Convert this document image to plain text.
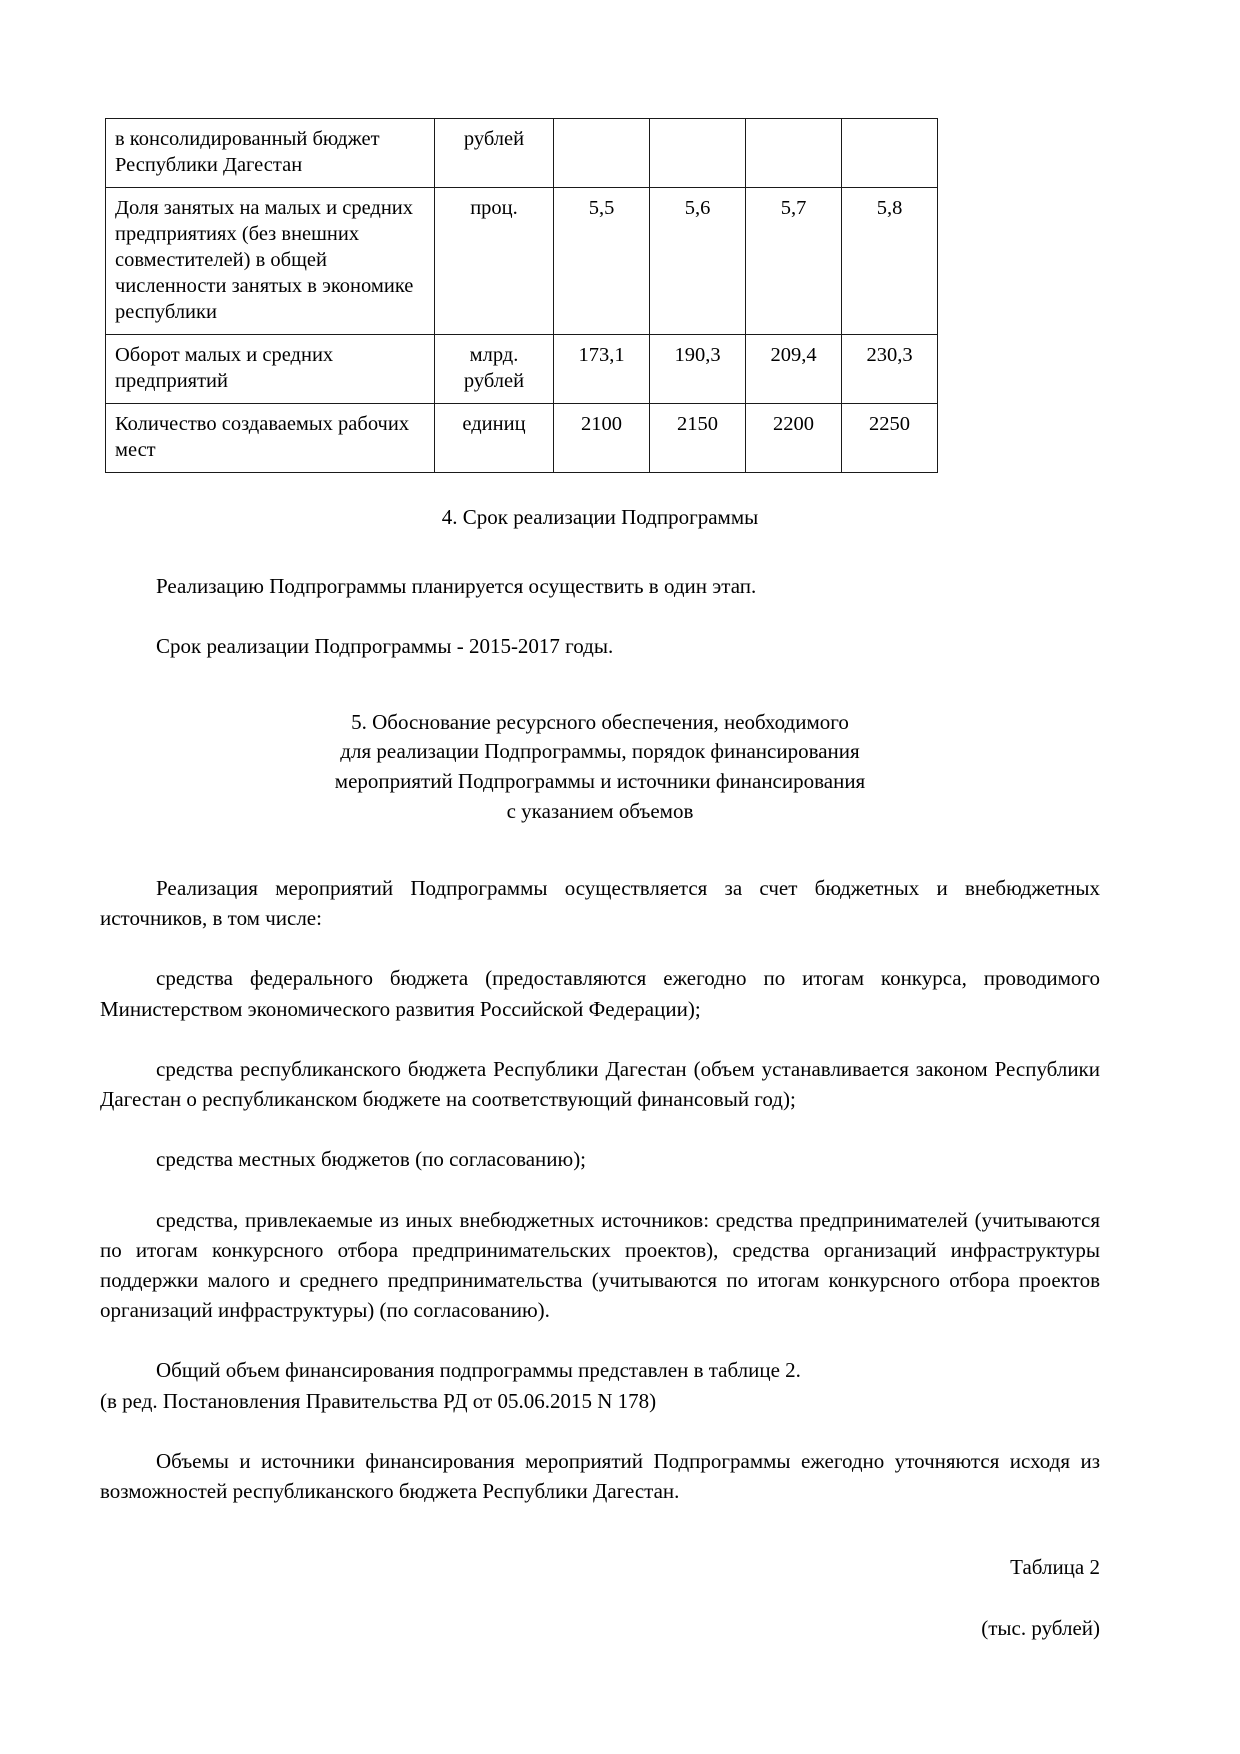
в консолидированный бюджет Республики Дагестан	рублей				
Доля занятых на малых и средних предприятиях (без внешних совместителей) в общей численности занятых в экономике республики	проц.	5,5	5,6	5,7	5,8
Оборот малых и средних предприятий	млрд. рублей	173,1	190,3	209,4	230,3
Количество создаваемых рабочих мест	единиц	2100	2150	2200	2250

4. Срок реализации Подпрограммы

Реализацию Подпрограммы планируется осуществить в один этап.

Срок реализации Подпрограммы - 2015-2017 годы.

5. Обоснование ресурсного обеспечения, необходимого

для реализации Подпрограммы, порядок финансирования

мероприятий Подпрограммы и источники финансирования

с указанием объемов

Реализация мероприятий Подпрограммы осуществляется за счет бюджетных и внебюджетных источников, в том числе:

средства федерального бюджета (предоставляются ежегодно по итогам конкурса, проводимого Министерством экономического развития Российской Федерации);

средства республиканского бюджета Республики Дагестан (объем устанавливается законом Республики Дагестан о республиканском бюджете на соответствующий финансовый год);

средства местных бюджетов (по согласованию);

средства, привлекаемые из иных внебюджетных источников: средства предпринимателей (учитываются по итогам конкурсного отбора предпринимательских проектов), средства организаций инфраструктуры поддержки малого и среднего предпринимательства (учитываются по итогам конкурсного отбора проектов организаций инфраструктуры) (по согласованию).

Общий объем финансирования подпрограммы представлен в таблице 2.

(в ред. Постановления Правительства РД от 05.06.2015 N 178)

Объемы и источники финансирования мероприятий Подпрограммы ежегодно уточняются исходя из возможностей республиканского бюджета Республики Дагестан.

Таблица 2

(тыс. рублей)
